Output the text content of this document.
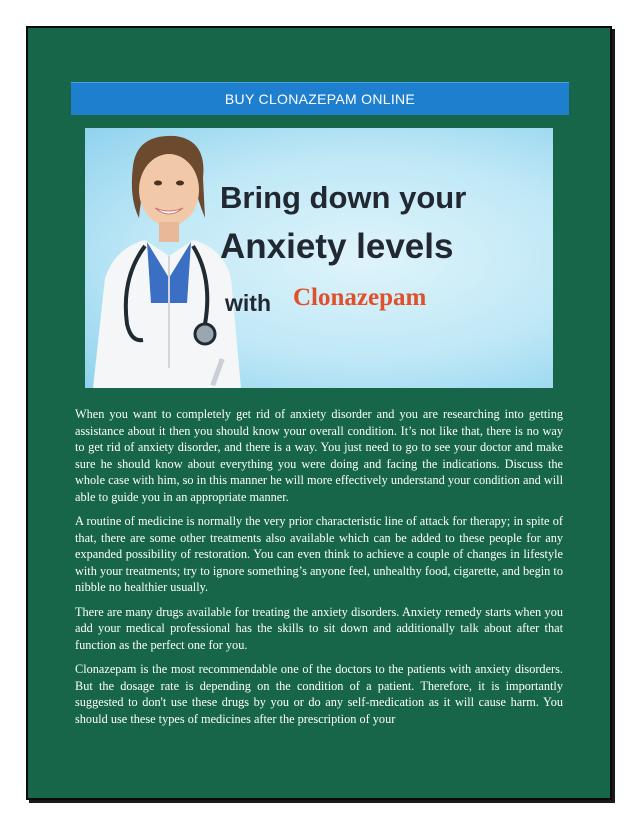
BUY CLONAZEPAM ONLINE
Bring down your
Anxiety levels
with Clonazepam

When you want to completely get rid of anxiety disorder and you are researching into getting assistance about it then you should know your overall condition. It’s not like that, there is no way to get rid of anxiety disorder, and there is a way. You just need to go to see your doctor and make sure he should know about everything you were doing and facing the indications. Discuss the whole case with him, so in this manner he will more effectively understand your condition and will able to guide you in an appropriate manner.

A routine of medicine is normally the very prior characteristic line of attack for therapy; in spite of that, there are some other treatments also available which can be added to these people for any expanded possibility of restoration. You can even think to achieve a couple of changes in lifestyle with your treatments; try to ignore something’s anyone feel, unhealthy food, cigarette, and begin to nibble no healthier usually.

There are many drugs available for treating the anxiety disorders. Anxiety remedy starts when you add your medical professional has the skills to sit down and additionally talk about after that function as the perfect one for you.

Clonazepam is the most recommendable one of the doctors to the patients with anxiety disorders. But the dosage rate is depending on the condition of a patient. Therefore, it is importantly suggested to don't use these drugs by you or do any self-medication as it will cause harm. You should use these types of medicines after the prescription of your
